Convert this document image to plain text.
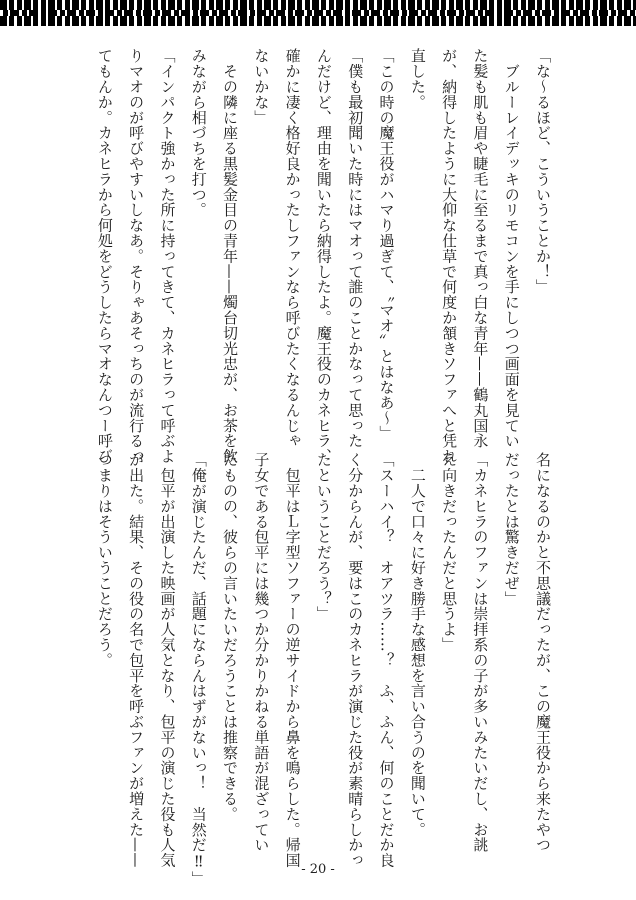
「な〜るほど、こういうことか！」

　ブルーレイデッキのリモコンを手にしつつ画面を見てい

た髪も肌も眉や睫毛に至るまで真っ白な青年——鶴丸国永

が、納得したように大仰な仕草で何度か頷きソファへと凭れ

直した。

「この時の魔王役がハマり過ぎて、〝マオ〟とはなあ〜」

「僕も最初聞いた時にはマオって誰のことかなって思った

んだけど、理由を聞いたら納得したよ。魔王役のカネヒラ、

確かに凄く格好良かったしファンなら呼びたくなるんじゃ

ないかな」

　その隣に座る黒髪金目の青年——燭台切光忠が、お茶を飲

みながら相づちを打つ。

「インパクト強かった所に持ってきて、カネヒラって呼ぶよ

りマオのが呼びやすいしなあ。そりゃあそっちのが流行るっ

てもんか。カネヒラから何処をどうしたらマオなんつー呼び

名になるのかと不思議だったが、この魔王役から来たやつ

だったとは驚きだぜ」

「カネヒラのファンは崇拝系の子が多いみたいだし、お誂

え向きだったんだと思うよ」

　二人で口々に好き勝手な感想を言い合うのを聞いて。

「スーハイ？　オアツラ……？　ふ、ふん、何のことだか良

く分からんが、要はこのカネヒラが演じた役が素晴らしかっ

たということだろう？」

　包平はＬ字型ソファーの逆サイドから鼻を鳴らした。帰国

子女である包平には幾つか分かりかねる単語が混ざってい

たものの、彼らの言いたいだろうことは推察できる。

「俺が演じたんだ、話題にならんはずがないっ！　当然だ‼」

　包平が出演した映画が人気となり、包平の演じた役も人気

が出た。結果、その役の名で包平を呼ぶファンが増えた——

つまりはそういうことだろう。

- 20 -
